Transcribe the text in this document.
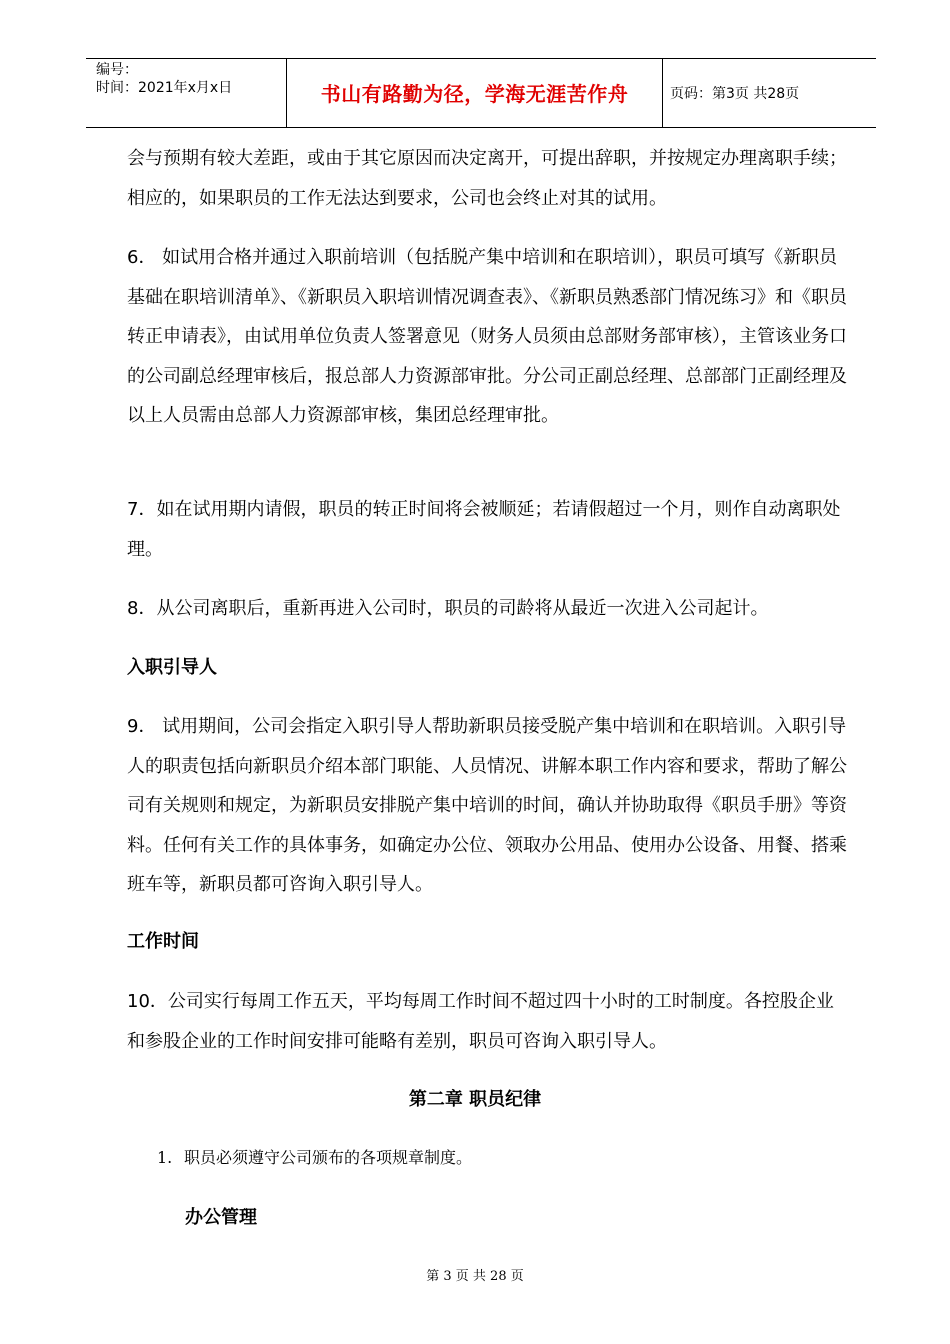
编号：
时间：2021年x月x日	书山有路勤为径，学海无涯苦作舟	页码：第3页 共28页

会与预期有较大差距，或由于其它原因而决定离开，可提出辞职，并按规定办理离职手续；相应的，如果职员的工作无法达到要求，公司也会终止对其的试用。

6． 如试用合格并通过入职前培训（包括脱产集中培训和在职培训），职员可填写《新职员基础在职培训清单》、《新职员入职培训情况调查表》、《新职员熟悉部门情况练习》和《职员转正申请表》，由试用单位负责人签署意见（财务人员须由总部财务部审核），主管该业务口的公司副总经理审核后，报总部人力资源部审批。分公司正副总经理、总部部门正副经理及以上人员需由总部人力资源部审核，集团总经理审批。

7．如在试用期内请假，职员的转正时间将会被顺延；若请假超过一个月，则作自动离职处理。

8．从公司离职后，重新再进入公司时，职员的司龄将从最近一次进入公司起计。

入职引导人

9． 试用期间，公司会指定入职引导人帮助新职员接受脱产集中培训和在职培训。入职引导人的职责包括向新职员介绍本部门职能、人员情况、讲解本职工作内容和要求，帮助了解公司有关规则和规定，为新职员安排脱产集中培训的时间，确认并协助取得《职员手册》等资料。任何有关工作的具体事务，如确定办公位、领取办公用品、使用办公设备、用餐、搭乘班车等，新职员都可咨询入职引导人。

工作时间

10．公司实行每周工作五天，平均每周工作时间不超过四十小时的工时制度。各控股企业和参股企业的工作时间安排可能略有差别，职员可咨询入职引导人。

第二章 职员纪律
1. 职员必须遵守公司颁布的各项规章制度。
办公管理
第 3 页 共 28 页
